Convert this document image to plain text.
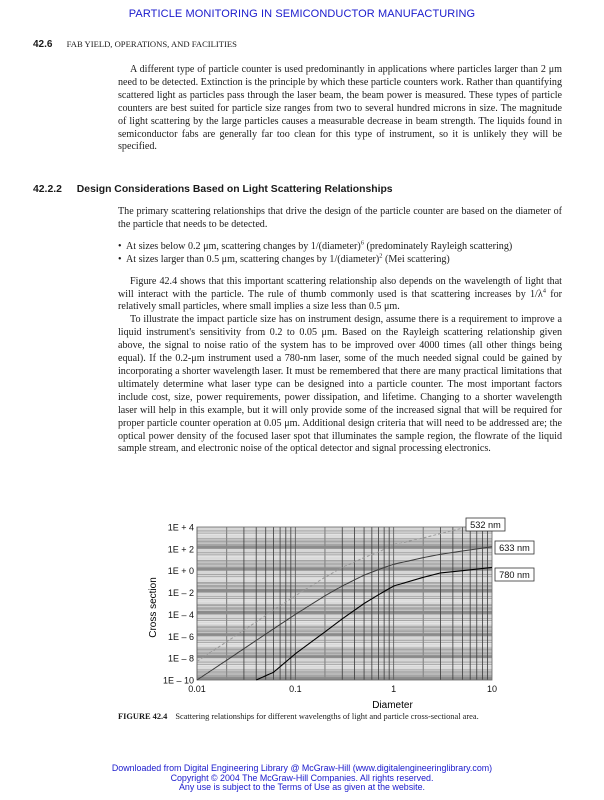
PARTICLE MONITORING IN SEMICONDUCTOR MANUFACTURING
42.6 FAB YIELD, OPERATIONS, AND FACILITIES

A different type of particle counter is used predominantly in applications where particles larger than 2 μm need to be detected. Extinction is the principle by which these particle counters work. Rather than quantifying scattered light as particles pass through the laser beam, the beam power is measured. These types of particle counters are best suited for particle size ranges from two to several hundred microns in size. The magnitude of light scattering by the large particles causes a measurable decrease in beam strength. The liquids found in semiconductor fabs are generally far too clean for this type of instrument, so it is unlikely they will be specified.

42.2.2 Design Considerations Based on Light Scattering Relationships

The primary scattering relationships that drive the design of the particle counter are based on the diameter of the particle that needs to be detected.

• At sizes below 0.2 μm, scattering changes by 1/(diameter)$^6$ (predominately Rayleigh scattering)
• At sizes larger than 0.5 μm, scattering changes by 1/(diameter)$^2$ (Mei scattering)

Figure 42.4 shows that this important scattering relationship also depends on the wavelength of light that will interact with the particle. The rule of thumb commonly used is that scattering increases by $1/\lambda^4$ for relatively small particles, where small implies a size less than 0.5 μm.

To illustrate the impact particle size has on instrument design, assume there is a requirement to improve a liquid instrument's sensitivity from 0.2 to 0.05 μm. Based on the Rayleigh scattering relationship given above, the signal to noise ratio of the system has to be improved over 4000 times (all other things being equal). If the 0.2-μm instrument used a 780-nm laser, some of the much needed signal could be gained by incorporating a shorter wavelength laser. It must be remembered that there are many practical limitations that ultimately determine what laser type can be designed into a particle counter. The most important factors include cost, size, power requirements, power dissipation, and lifetime. Changing to a shorter wavelength laser will help in this example, but it will only provide some of the increased signal that will be required for proper particle counter operation at 0.05 μm. Additional design criteria that will need to be addressed are; the optical power density of the focused laser spot that illuminates the sample region, the flowrate of the liquid sample stream, and electronic noise of the optical detector and signal processing electronics.

1E + 4
1E + 2
1E + 0
1E – 2
1E – 4
1E – 6
1E – 8
1E – 10
0.01	0.1	1	10
Cross section
Diameter
532 nm
633 nm
780 nm
FIGURE 42.4 Scattering relationships for different wavelengths of light and particle cross-sectional area.
Downloaded from Digital Engineering Library @ McGraw-Hill (www.digitalengineeringlibrary.com)
Copyright © 2004 The McGraw-Hill Companies. All rights reserved.
Any use is subject to the Terms of Use as given at the website.
